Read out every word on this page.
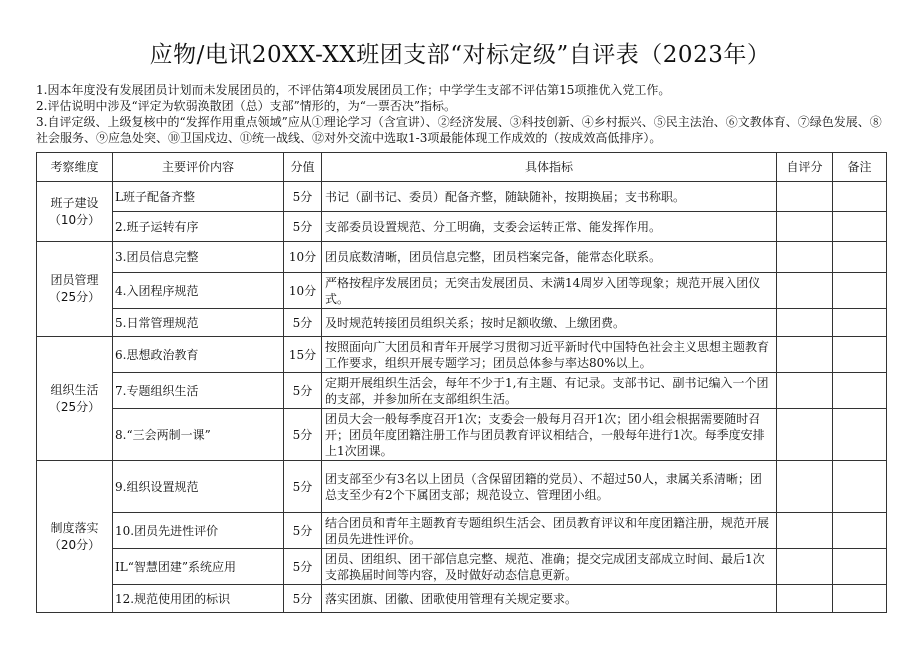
应物/电讯20XX-XX班团支部“对标定级”自评表（2023年）

1.因本年度没有发展团员计划而未发展团员的，不评估第4项发展团员工作；中学学生支部不评估第15项推优入党工作。

2.评估说明中涉及“评定为软弱涣散团（总）支部”情形的，为“一票否决”指标。

3.自评定级、上级复核中的“发挥作用重点领域”应从①理论学习（含宣讲）、②经济发展、③科技创新、④乡村振兴、⑤民主法治、⑥文教体育、⑦绿色发展、⑧社会服务、⑨应急处突、⑩卫国戍边、⑪统一战线、⑫对外交流中选取1-3项最能体现工作成效的（按成效高低排序）。

考察维度	主要评价内容	分值	具体指标	自评分	备注

班子建设
（10分）	L班子配备齐整	5分	书记（副书记、委员）配备齐整，随缺随补，按期换届；支书称职。		
	2.班子运转有序	5分	支部委员设置规范、分工明确，支委会运转正常、能发挥作用。		

团员管理
（25分）	3.团员信息完整	10分	团员底数清晰，团员信息完整，团员档案完备，能常态化联系。		
	4.入团程序规范	10分	严格按程序发展团员；无突击发展团员、未满14周岁入团等现象；规范开展入团仪式。		
	5.日常管理规范	5分	及时规范转接团员组织关系；按时足额收缴、上缴团费。		

组织生活
（25分）	6.思想政治教育	15分	按照面向广大团员和青年开展学习贯彻习近平新时代中国特色社会主义思想主题教育工作要求，组织开展专题学习；团员总体参与率达80%以上。		
	7.专题组织生活	5分	定期开展组织生活会，每年不少于1,有主题、有记录。支部书记、副书记编入一个团的支部，并参加所在支部组织生活。		
	8.“三会两制一课”	5分	团员大会一般每季度召开1次；支委会一般每月召开1次；团小组会根据需要随时召开；团员年度团籍注册工作与团员教育评议相结合，一般每年进行1次。每季度安排上1次团课。		

制度落实
（20分）	9.组织设置规范	5分	团支部至少有3名以上团员（含保留团籍的党员）、不超过50人，隶属关系清晰；团总支至少有2个下属团支部；规范设立、管理团小组。		
	10.团员先进性评价	5分	结合团员和青年主题教育专题组织生活会、团员教育评议和年度团籍注册，规范开展团员先进性评价。		
	IL“智慧团建”系统应用	5分	团员、团组织、团干部信息完整、规范、准确；提交完成团支部成立时间、最后1次支部换届时间等内容，及时做好动态信息更新。		
	12.规范使用团的标识	5分	落实团旗、团徽、团歌使用管理有关规定要求。		
